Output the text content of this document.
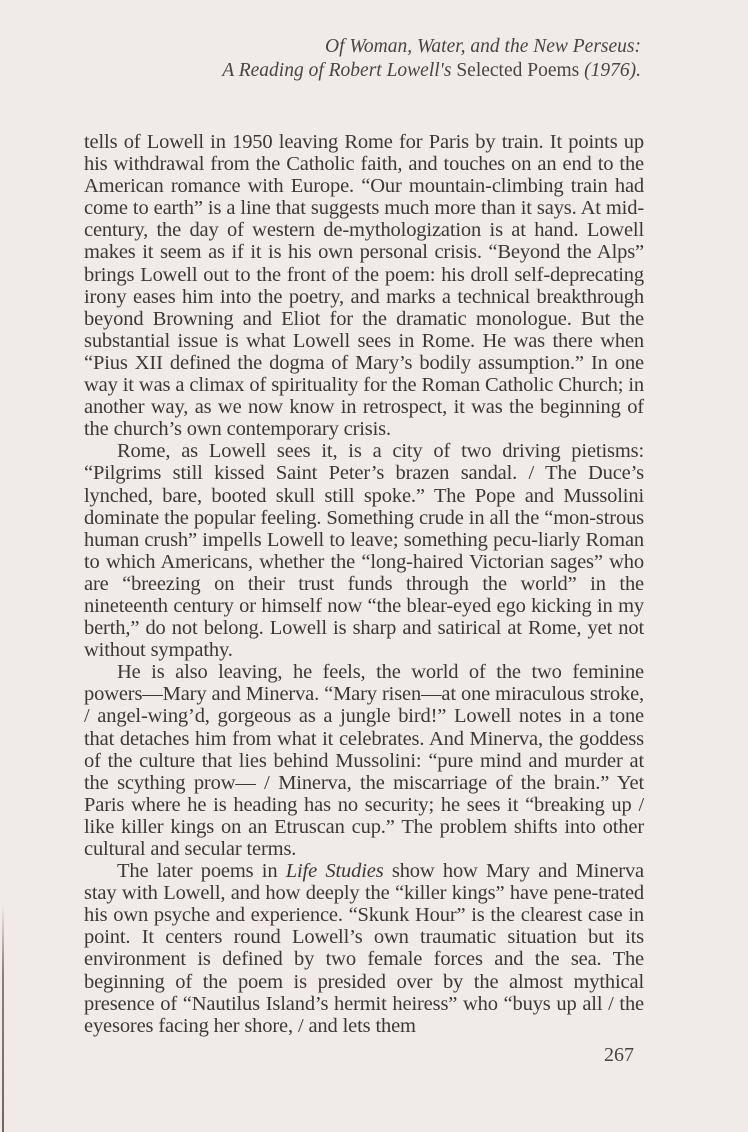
Of Woman, Water, and the New Perseus:
A Reading of Robert Lowell's Selected Poems (1976).

tells of Lowell in 1950 leaving Rome for Paris by train. It points up his withdrawal from the Catholic faith, and touches on an end to the American romance with Europe. “Our mountain-climbing train had come to earth” is a line that suggests much more than it says. At mid-century, the day of western de-mythologization is at hand. Lowell makes it seem as if it is his own personal crisis. “Beyond the Alps” brings Lowell out to the front of the poem: his droll self-deprecating irony eases him into the poetry, and marks a technical breakthrough beyond Browning and Eliot for the dramatic monologue. But the substantial issue is what Lowell sees in Rome. He was there when “Pius XII defined the dogma of Mary’s bodily assumption.” In one way it was a climax of spirituality for the Roman Catholic Church; in another way, as we now know in retrospect, it was the beginning of the church’s own contemporary crisis.

Rome, as Lowell sees it, is a city of two driving pietisms: “Pilgrims still kissed Saint Peter’s brazen sandal. / The Duce’s lynched, bare, booted skull still spoke.” The Pope and Mussolini dominate the popular feeling. Something crude in all the “mon-strous human crush” impells Lowell to leave; something pecu-liarly Roman to which Americans, whether the “long-haired Victorian sages” who are “breezing on their trust funds through the world” in the nineteenth century or himself now “the blear-eyed ego kicking in my berth,” do not belong. Lowell is sharp and satirical at Rome, yet not without sympathy.

He is also leaving, he feels, the world of the two feminine powers—Mary and Minerva. “Mary risen—at one miraculous stroke, / angel-wing’d, gorgeous as a jungle bird!” Lowell notes in a tone that detaches him from what it celebrates. And Minerva, the goddess of the culture that lies behind Mussolini: “pure mind and murder at the scything prow— / Minerva, the miscarriage of the brain.” Yet Paris where he is heading has no security; he sees it “breaking up / like killer kings on an Etruscan cup.” The problem shifts into other cultural and secular terms.

The later poems in Life Studies show how Mary and Minerva stay with Lowell, and how deeply the “killer kings” have pene-trated his own psyche and experience. “Skunk Hour” is the clearest case in point. It centers round Lowell’s own traumatic situation but its environment is defined by two female forces and the sea. The beginning of the poem is presided over by the almost mythical presence of “Nautilus Island’s hermit heiress” who “buys up all / the eyesores facing her shore, / and lets them

267
